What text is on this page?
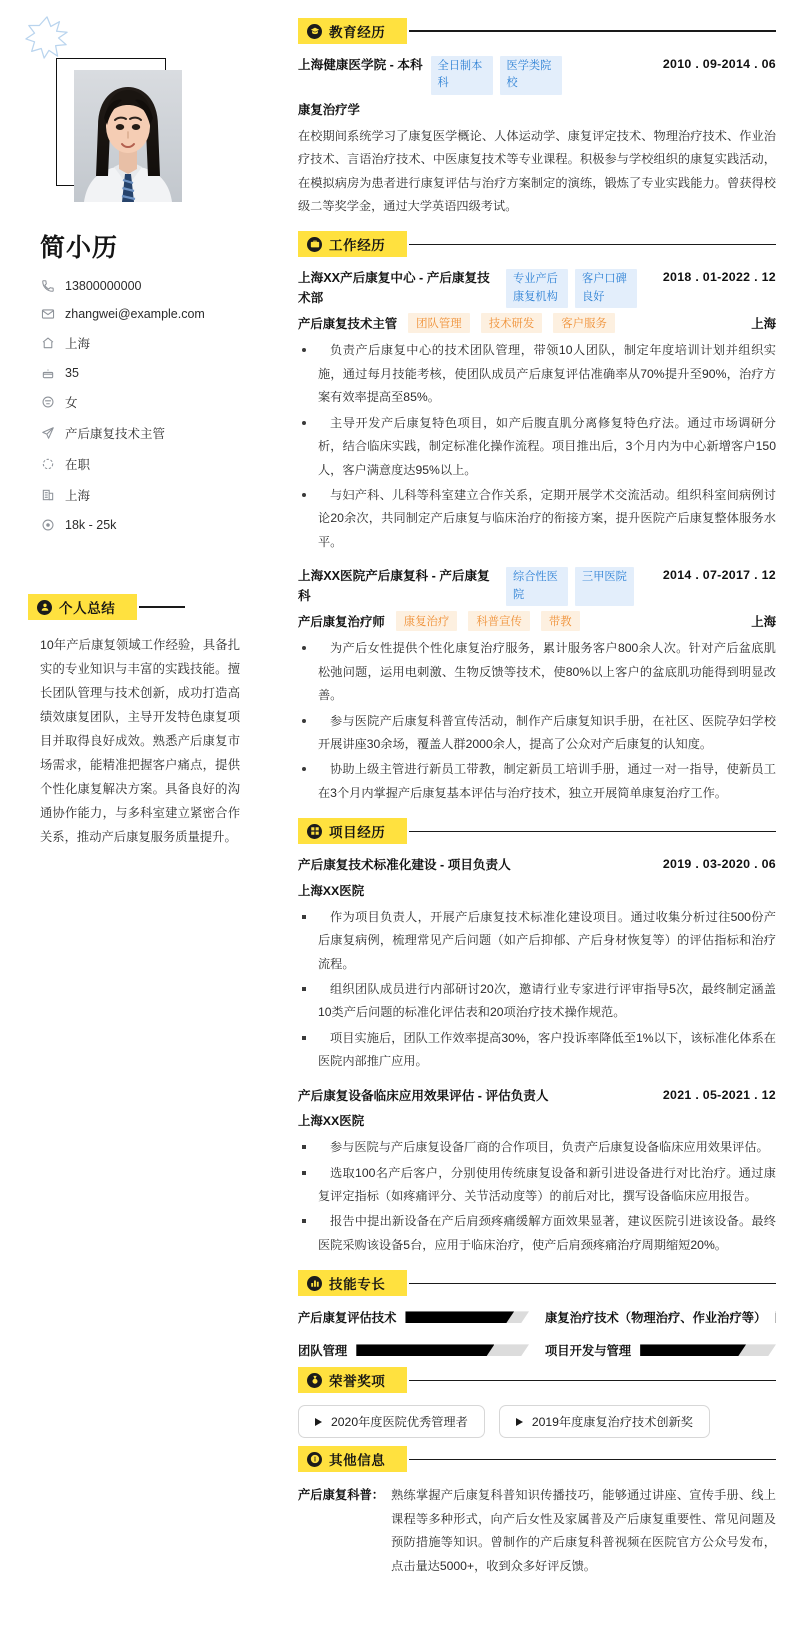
简小历
13800000000
zhangwei@example.com
上海
35
女
产后康复技术主管
在职
上海
18k - 25k
个人总结

10年产后康复领域工作经验，具备扎实的专业知识与丰富的实践技能。擅长团队管理与技术创新，成功打造高绩效康复团队，主导开发特色康复项目并取得良好成效。熟悉产后康复市场需求，能精准把握客户痛点，提供个性化康复解决方案。具备良好的沟通协作能力，与多科室建立紧密合作关系，推动产后康复服务质量提升。

教育经历
上海健康医学院 - 本科	全日制本科
医学类院校
2010 . 09-2014 . 06
康复治疗学

在校期间系统学习了康复医学概论、人体运动学、康复评定技术、物理治疗技术、作业治疗技术、言语治疗技术、中医康复技术等专业课程。积极参与学校组织的康复实践活动，在模拟病房为患者进行康复评估与治疗方案制定的演练，锻炼了专业实践能力。曾获得校级二等奖学金，通过大学英语四级考试。

工作经历
上海XX产后康复中心 - 产后康复技术部
专业产后康复机构
客户口碑良好
2018 . 01-2022 . 12
产后康复技术主管	团队管理	技术研发	客户服务	上海
负责产后康复中心的技术团队管理，带领10人团队，制定年度培训计划并组织实施，通过每月技能考核，使团队成员产后康复评估准确率从70%提升至90%，治疗方案有效率提高至85%。
主导开发产后康复特色项目，如产后腹直肌分离修复特色疗法。通过市场调研分析，结合临床实践，制定标准化操作流程。项目推出后，3个月内为中心新增客户150人，客户满意度达95%以上。
与妇产科、儿科等科室建立合作关系，定期开展学术交流活动。组织科室间病例讨论20余次，共同制定产后康复与临床治疗的衔接方案，提升医院产后康复整体服务水平。
上海XX医院产后康复科 - 产后康复科
综合性医院
三甲医院	2014 . 07-2017 . 12
产后康复治疗师	康复治疗	科普宣传	带教	上海
为产后女性提供个性化康复治疗服务，累计服务客户800余人次。针对产后盆底肌松弛问题，运用电刺激、生物反馈等技术，使80%以上客户的盆底肌功能得到明显改善。
参与医院产后康复科普宣传活动，制作产后康复知识手册，在社区、医院孕妇学校开展讲座30余场，覆盖人群2000余人，提高了公众对产后康复的认知度。
协助上级主管进行新员工带教，制定新员工培训手册，通过一对一指导，使新员工在3个月内掌握产后康复基本评估与治疗技术，独立开展简单康复治疗工作。
项目经历
产后康复技术标准化建设 - 项目负责人	2019 . 03-2020 . 06
上海XX医院
作为项目负责人，开展产后康复技术标准化建设项目。通过收集分析过往500份产后康复病例，梳理常见产后问题（如产后抑郁、产后身材恢复等）的评估指标和治疗流程。
组织团队成员进行内部研讨20次，邀请行业专家进行评审指导5次，最终制定涵盖10类产后问题的标准化评估表和20项治疗技术操作规范。
项目实施后，团队工作效率提高30%，客户投诉率降低至1%以下，该标准化体系在医院内部推广应用。
产后康复设备临床应用效果评估 - 评估负责人	2021 . 05-2021 . 12
上海XX医院
参与医院与产后康复设备厂商的合作项目，负责产后康复设备临床应用效果评估。
选取100名产后客户，分别使用传统康复设备和新引进设备进行对比治疗。通过康复评定指标（如疼痛评分、关节活动度等）的前后对比，撰写设备临床应用报告。
报告中提出新设备在产后肩颈疼痛缓解方面效果显著，建议医院引进该设备。最终医院采购该设备5台，应用于临床治疗，使产后肩颈疼痛治疗周期缩短20%。
技能专长
产后康复评估技术	康复治疗技术（物理治疗、作业治疗等）
团队管理	项目开发与管理
荣誉奖项
2020年度医院优秀管理者	2019年度康复治疗技术创新奖
其他信息
产后康复科普： 熟练掌握产后康复科普知识传播技巧，能够通过讲座、宣传手册、线上课程等多种形式，向产后女性及家属普及产后康复重要性、常见问题及预防措施等知识。曾制作的产后康复科普视频在医院官方公众号发布，点击量达5000+，收到众多好评反馈。
